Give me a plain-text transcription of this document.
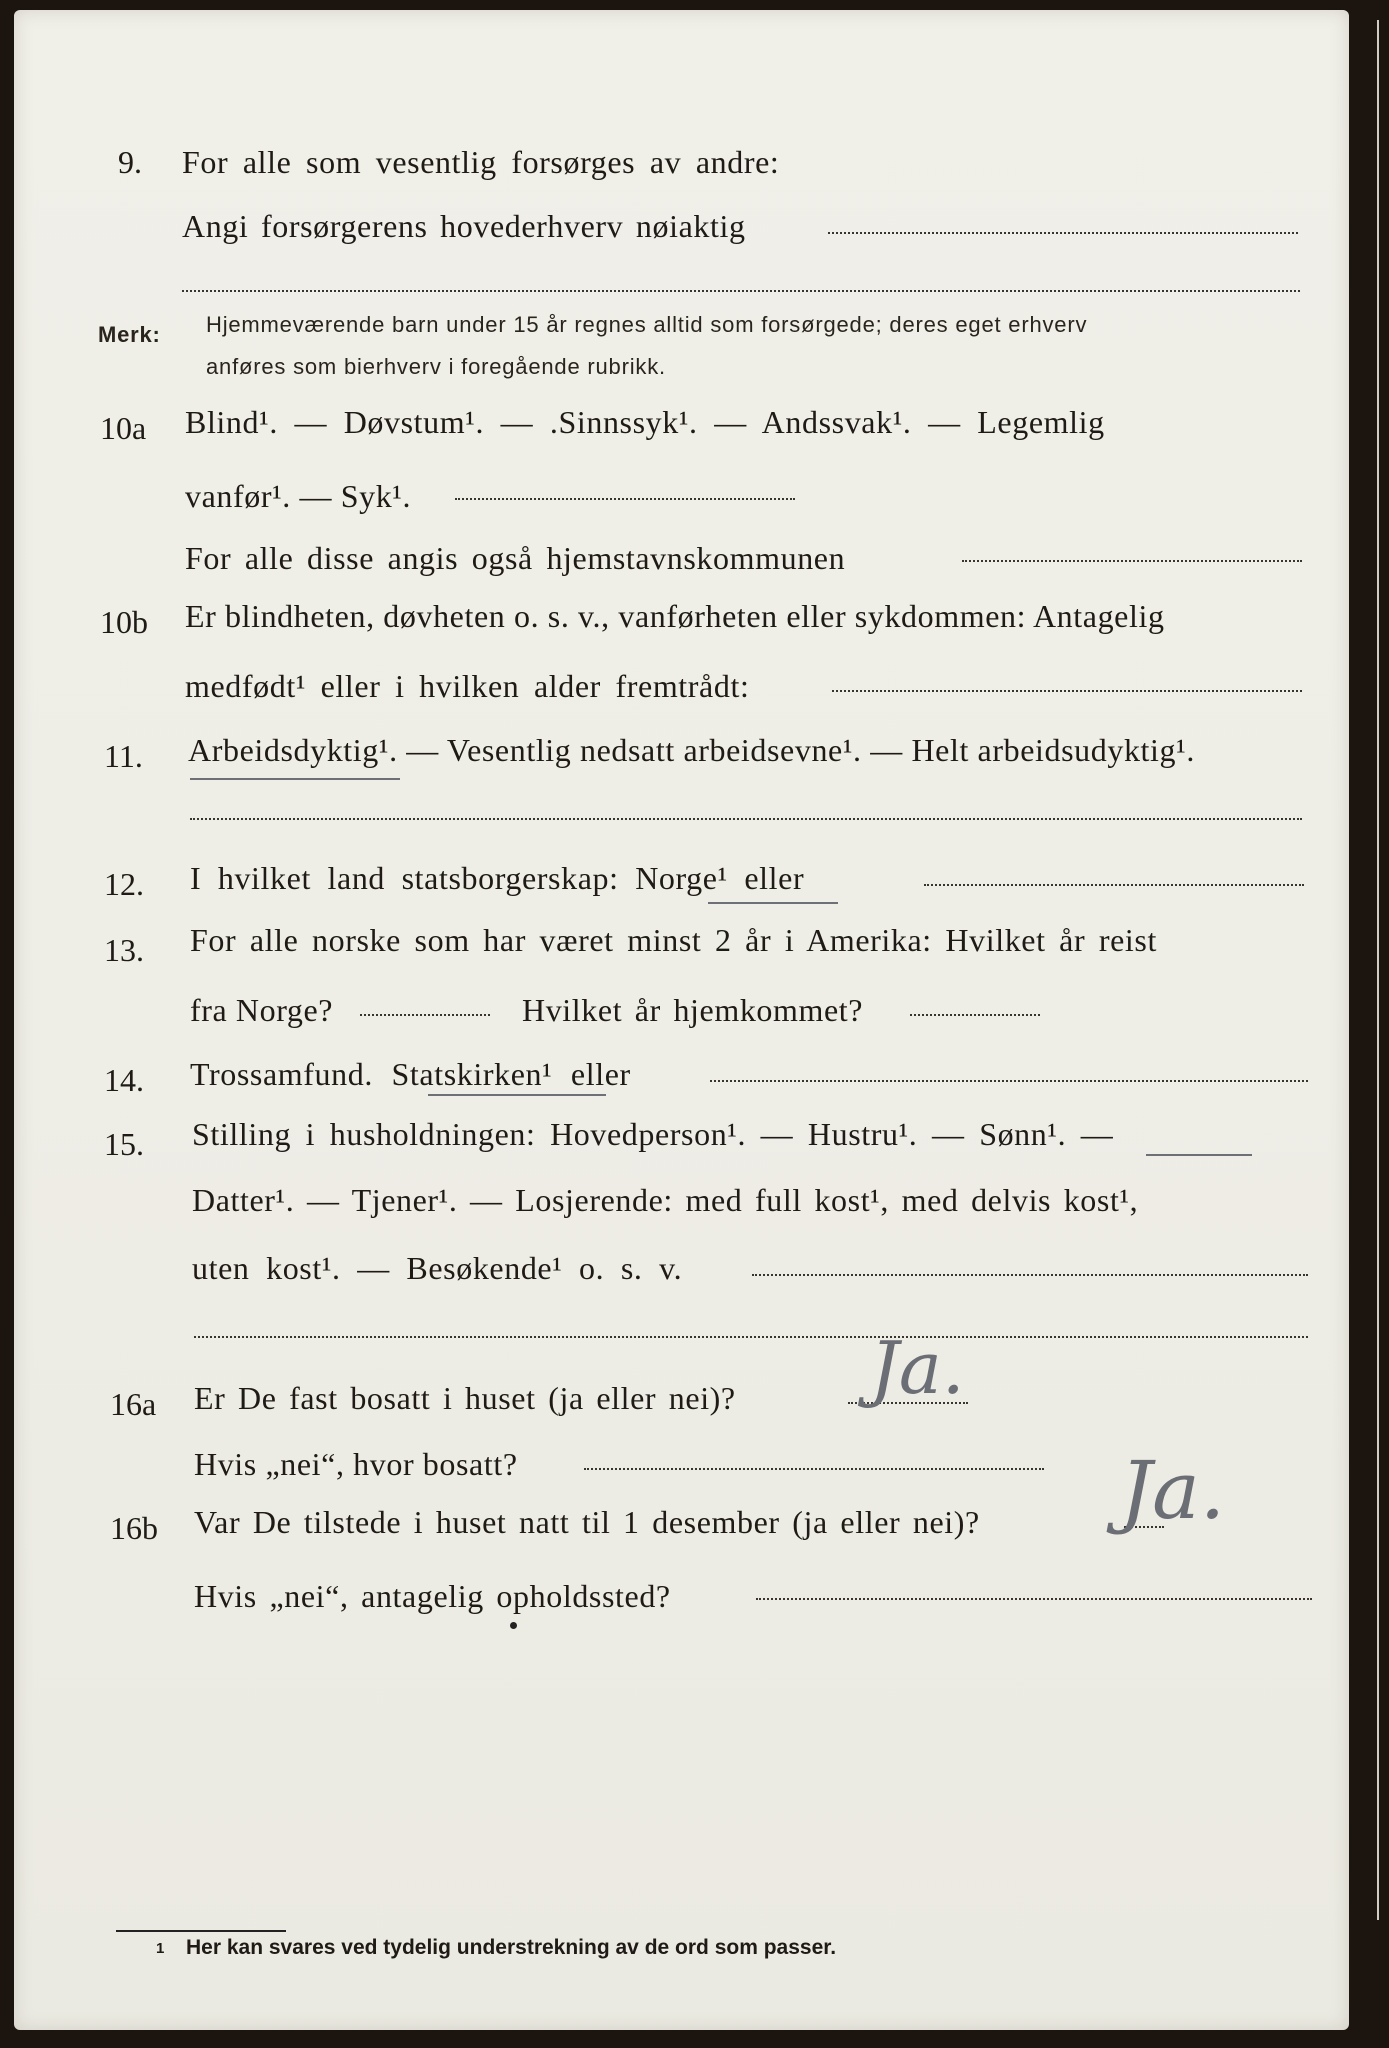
9. For alle som vesentlig forsørges av andre:
Angi forsørgerens hovederhverv nøiaktig
Merk: Hjemmeværende barn under 15 år regnes alltid som forsørgede; deres eget erhverv
anføres som bierhverv i foregående rubrikk.
10a Blind¹. — Døvstum¹. — .Sinnssyk¹. — Andssvak¹. — Legemlig
vanfør¹. — Syk¹.
For alle disse angis også hjemstavnskommunen
10b Er blindheten, døvheten o. s. v., vanførheten eller sykdommen: Antagelig
medfødt¹ eller i hvilken alder fremtrådt:
11. Arbeidsdyktig¹. — Vesentlig nedsatt arbeidsevne¹. — Helt arbeidsudyktig¹.
12. I hvilket land statsborgerskap: Norge¹ eller
13. For alle norske som har været minst 2 år i Amerika: Hvilket år reist
fra Norge?	Hvilket år hjemkommet?
14. Trossamfund. Statskirken¹ eller
15. Stilling i husholdningen: Hovedperson¹. — Hustru¹. — Sønn¹. —
Datter¹. — Tjener¹. — Losjerende: med full kost¹, med delvis kost¹,
uten kost¹. — Besøkende¹ o. s. v.
16a Er De fast bosatt i huset (ja eller nei)? Ja.
Hvis „nei“, hvor bosatt?
16b Var De tilstede i huset natt til 1 desember (ja eller nei)? Ja.
Hvis „nei“, antagelig opholdssted?
1 Her kan svares ved tydelig understrekning av de ord som passer.
